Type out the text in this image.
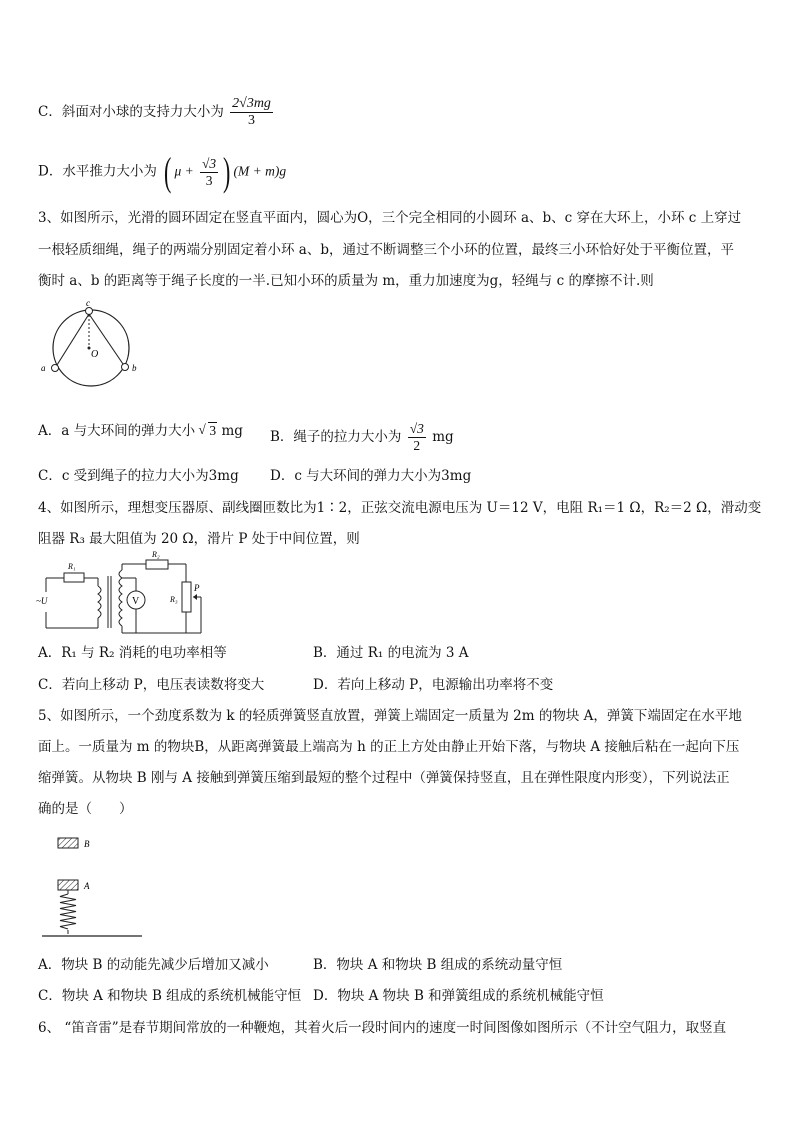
C．斜面对小球的支持力大小为 $\frac{2√3mg}{3}$
D．水平推力大小为 ( $\mu + \frac{√3}{3}$ ) (M + m)g
3、如图所示，光滑的圆环固定在竖直平面内，圆心为O，三个完全相同的小圆环 a、b、c 穿在大环上，小环 c 上穿过
一根轻质细绳，绳子的两端分别固定着小环 a、b，通过不断调整三个小环的位置，最终三小环恰好处于平衡位置，平
衡时 a、b 的距离等于绳子长度的一半.已知小环的质量为 m，重力加速度为g，轻绳与 c 的摩擦不计.则
c
O
a	b
A．a 与大环间的弹力大小 √ 3 mg B．绳子的拉力大小为 $\frac{√3}{2}$ mg
C．c 受到绳子的拉力大小为3mg D．c 与大环间的弹力大小为3mg
4、如图所示，理想变压器原、副线圈匝数比为1∶2，正弦交流电源电压为 U＝12 V，电阻 R₁＝1 Ω，R₂＝2 Ω，滑动变
阻器 R₃ 最大阻值为 20 Ω，滑片 P 处于中间位置，则
~U
R₁
R₂
R₃
P
V
A．R₁ 与 R₂ 消耗的电功率相等	B．通过 R₁ 的电流为 3 A
C．若向上移动 P，电压表读数将变大	D．若向上移动 P，电源输出功率将不变
5、如图所示，一个劲度系数为 k 的轻质弹簧竖直放置，弹簧上端固定一质量为 2m 的物块 A，弹簧下端固定在水平地
面上。一质量为 m 的物块B，从距离弹簧最上端高为 h 的正上方处由静止开始下落，与物块 A 接触后粘在一起向下压
缩弹簧。从物块 B 刚与 A 接触到弹簧压缩到最短的整个过程中（弹簧保持竖直，且在弹性限度内形变），下列说法正
确的是（　　）
B
A
A．物块 B 的动能先减少后增加又减小	B．物块 A 和物块 B 组成的系统动量守恒
C．物块 A 和物块 B 组成的系统机械能守恒 D．物块 A 物块 B 和弹簧组成的系统机械能守恒
6、 “笛音雷”是春节期间常放的一种鞭炮，其着火后一段时间内的速度一时间图像如图所示（不计空气阻力，取竖直
